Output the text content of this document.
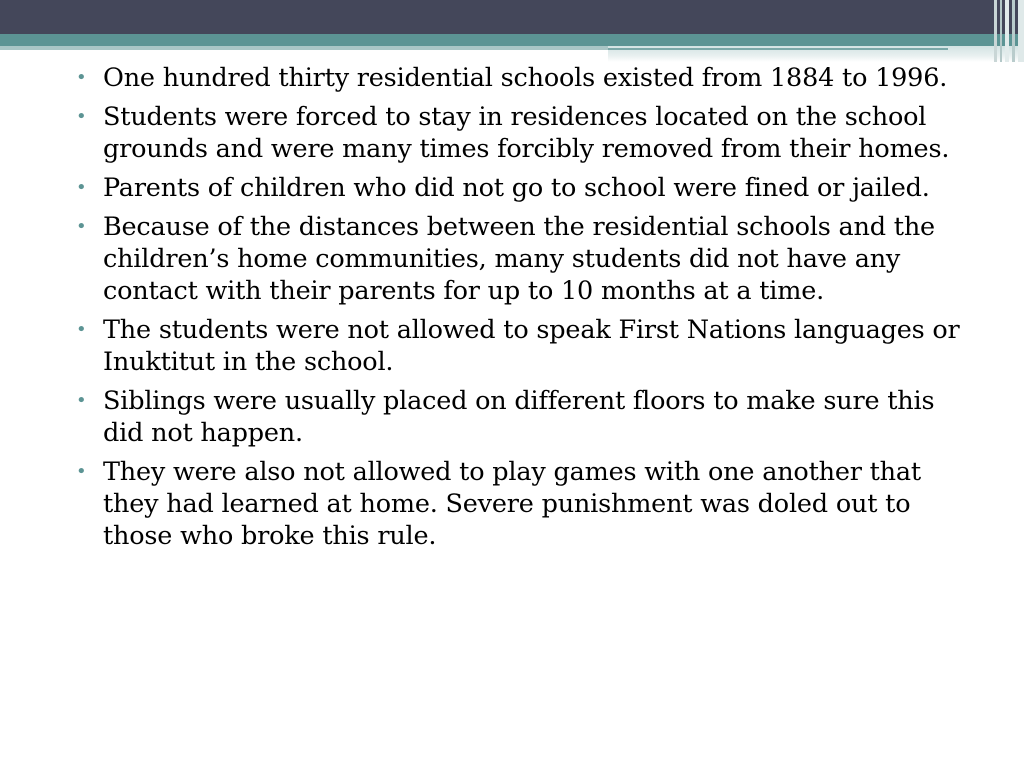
• One hundred thirty residential schools existed from 1884 to 1996.
• Students were forced to stay in residences located on the school grounds and were many times forcibly removed from their homes.
• Parents of children who did not go to school were fined or jailed.
• Because of the distances between the residential schools and the children’s home communities, many students did not have any contact with their parents for up to 10 months at a time.
• The students were not allowed to speak First Nations languages or Inuktitut in the school.
• Siblings were usually placed on different floors to make sure this did not happen.
• They were also not allowed to play games with one another that they had learned at home. Severe punishment was doled out to those who broke this rule.
